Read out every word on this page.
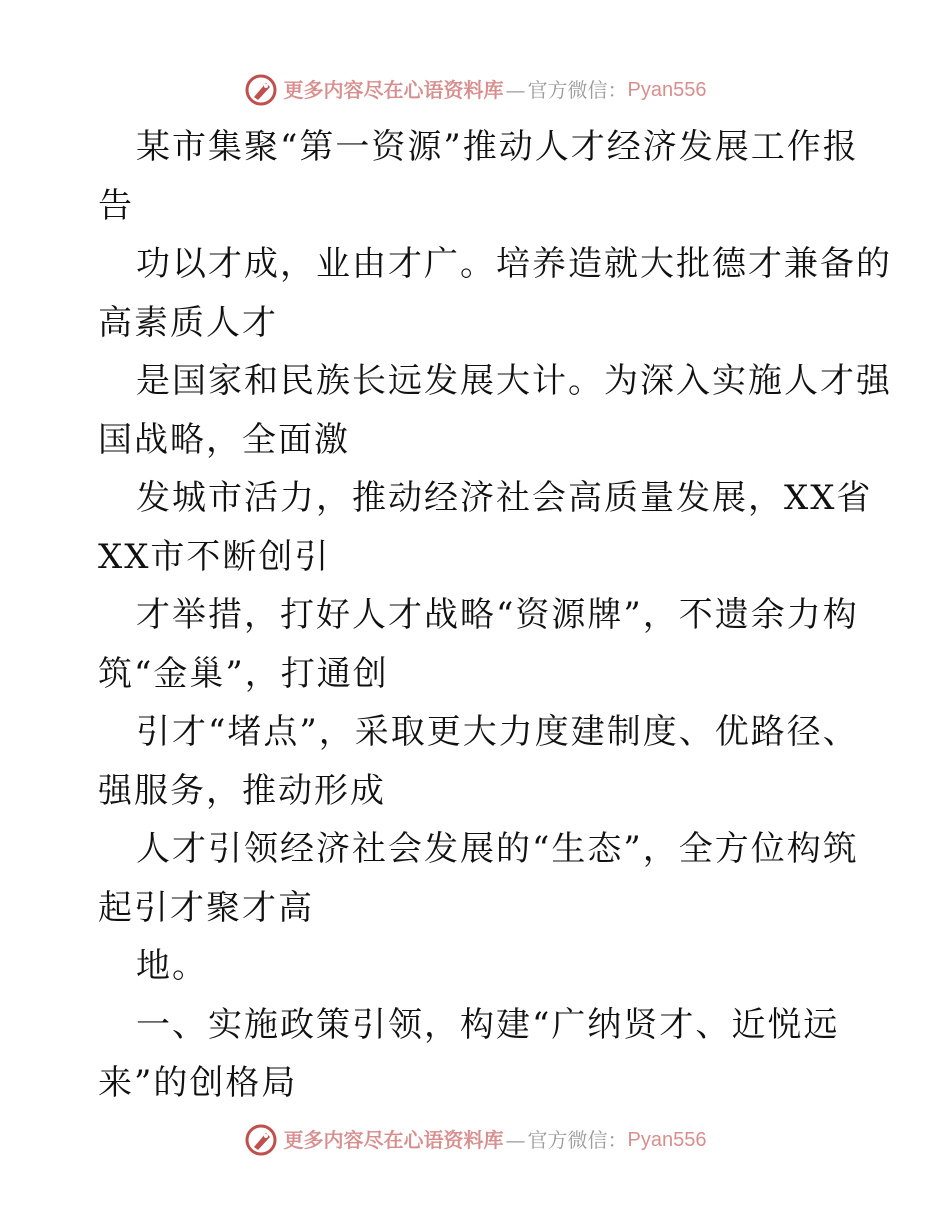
更多内容尽在心语资料库 — 官方微信： Pyan556
某市集聚“第一资源”推动人才经济发展工作报
告
功以才成，业由才广。培养造就大批德才兼备的
高素质人才
是国家和民族长远发展大计。为深入实施人才强
国战略，全面激
发城市活力，推动经济社会高质量发展，XX省
XX市不断创引
才举措，打好人才战略“资源牌”，不遗余力构
筑“金巢”，打通创
引才“堵点”，采取更大力度建制度、优路径、
强服务，推动形成
人才引领经济社会发展的“生态”，全方位构筑
起引才聚才高
地。
一、实施政策引领，构建“广纳贤才、近悦远
来”的创格局
更多内容尽在心语资料库 — 官方微信： Pyan556
